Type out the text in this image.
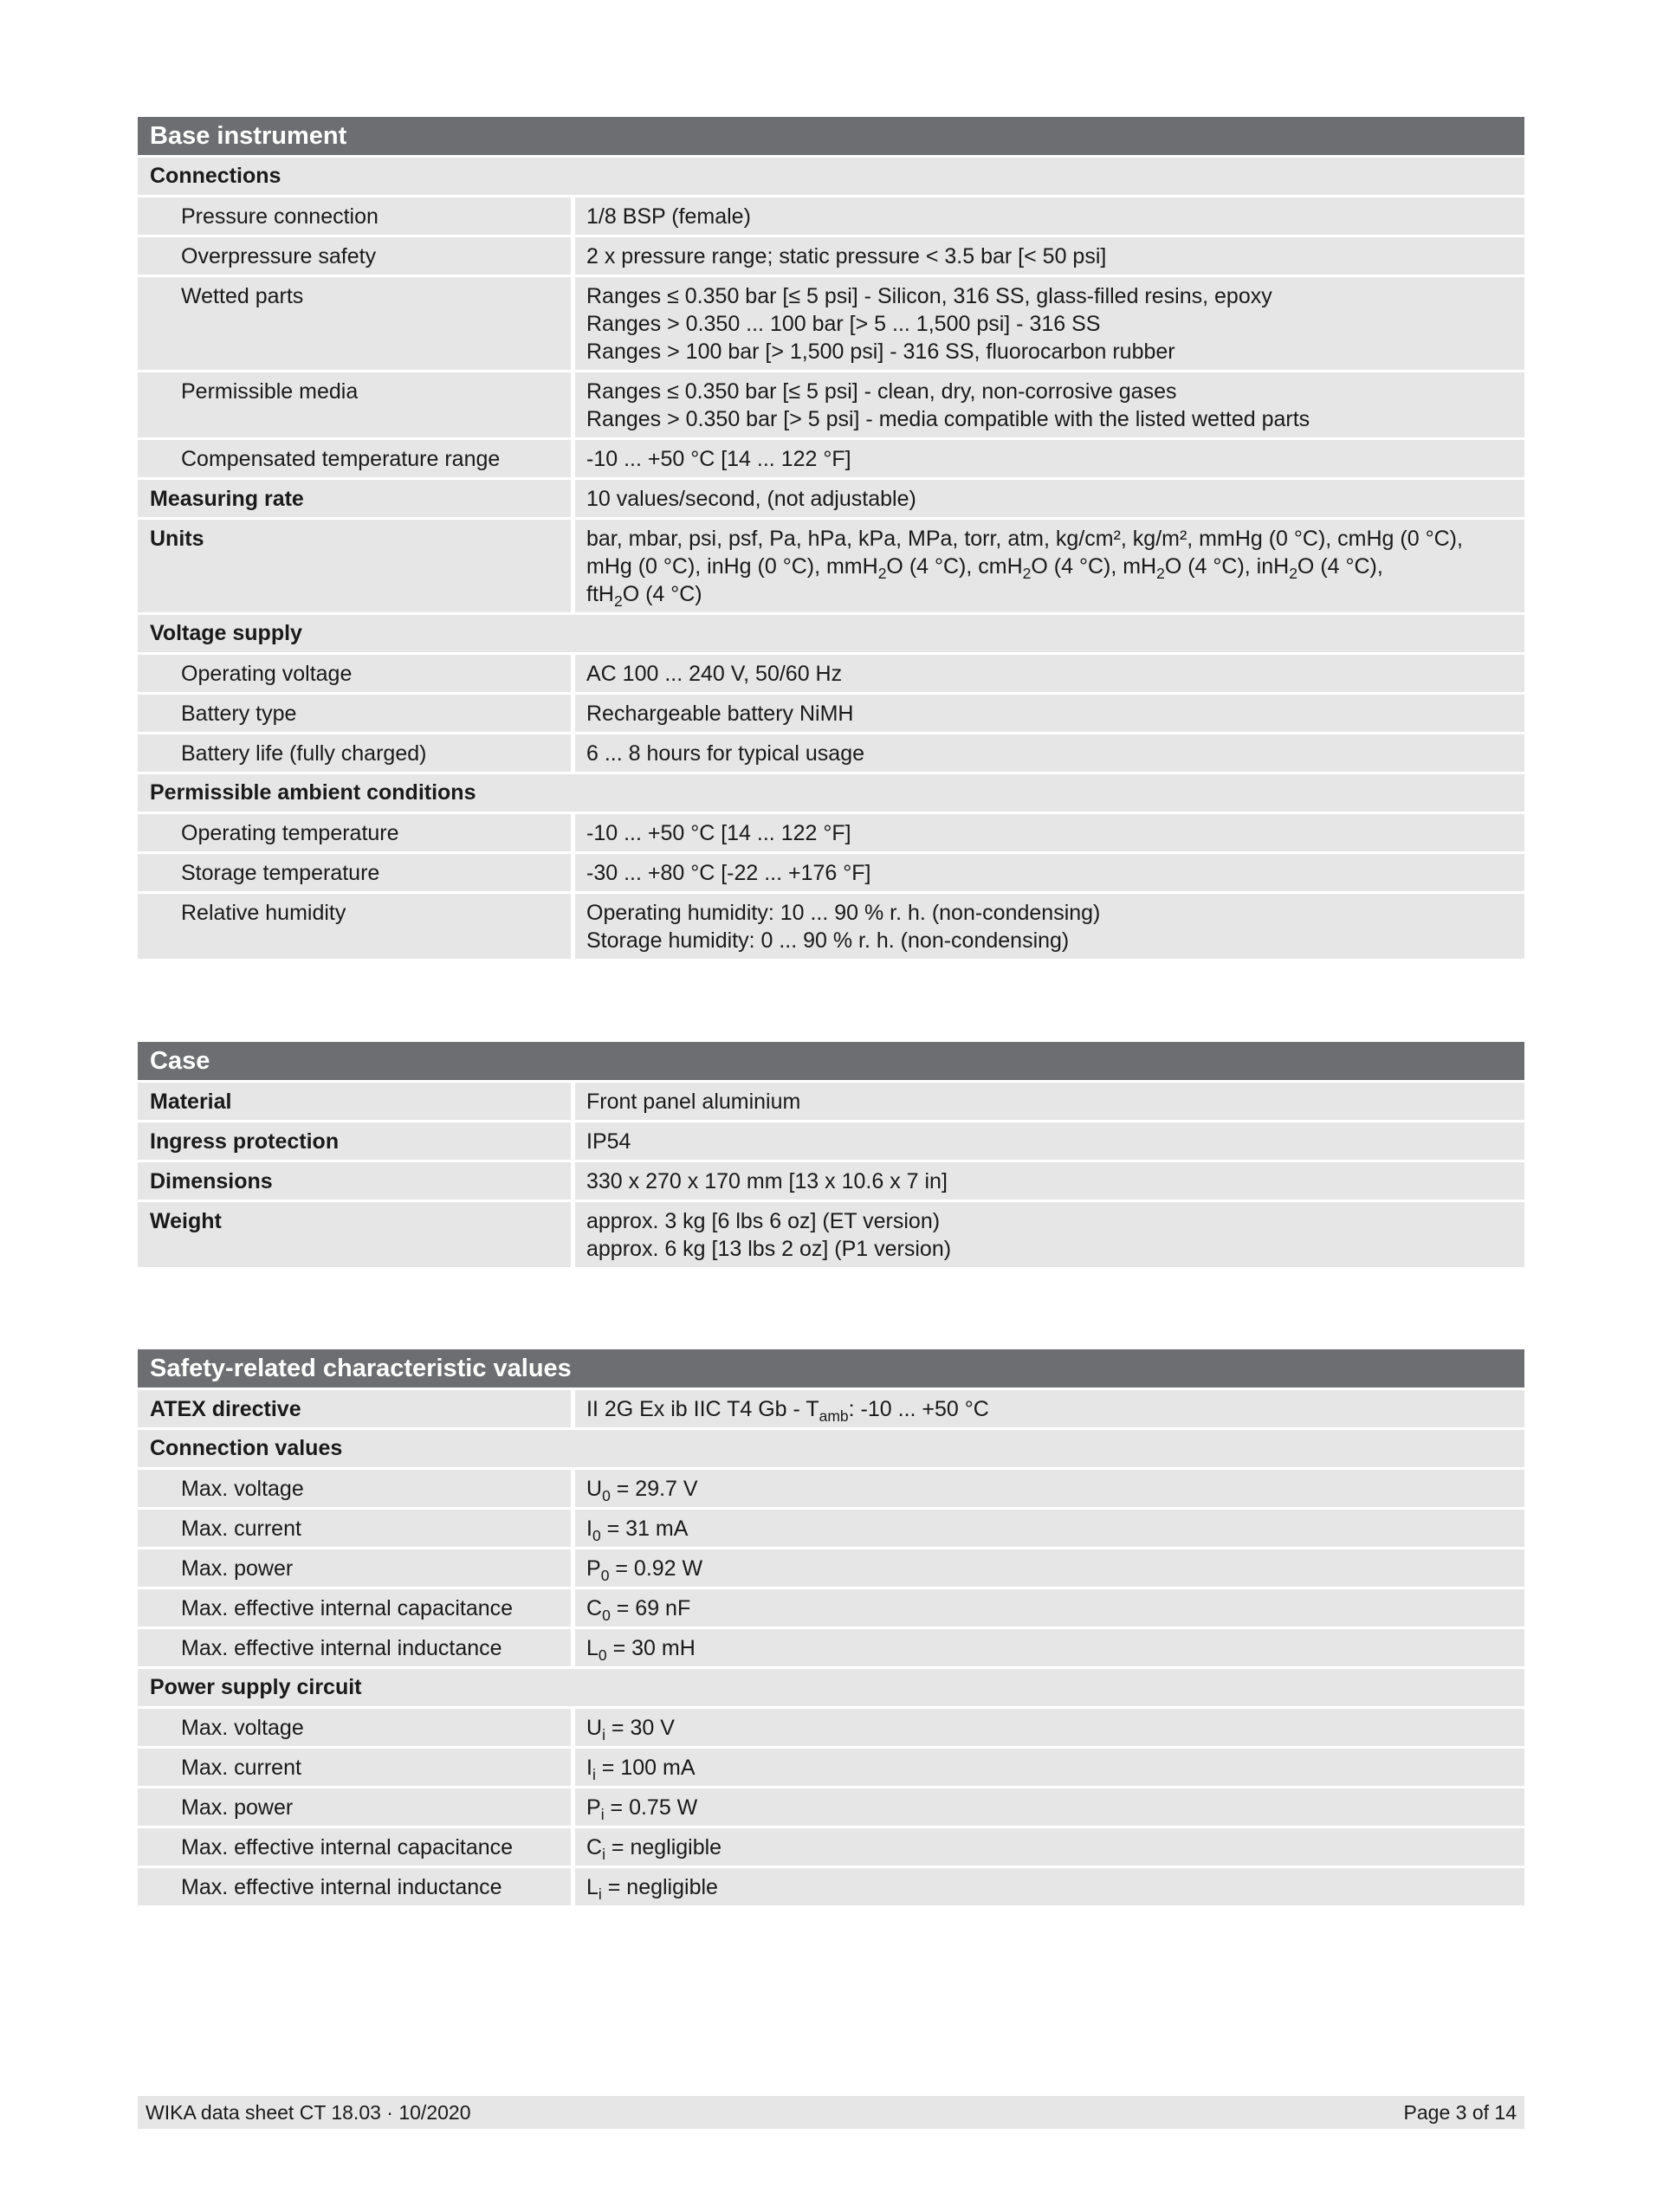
Base instrument
Connections
Pressure connection	1/8 BSP (female)
Overpressure safety	2 x pressure range; static pressure < 3.5 bar [< 50 psi]
Wetted parts	Ranges ≤ 0.350 bar [≤ 5 psi] - Silicon, 316 SS, glass-filled resins, epoxy
Ranges > 0.350 ... 100 bar [> 5 ... 1,500 psi] - 316 SS
Ranges > 100 bar [> 1,500 psi] - 316 SS, fluorocarbon rubber
Permissible media	Ranges ≤ 0.350 bar [≤ 5 psi] - clean, dry, non-corrosive gases
Ranges > 0.350 bar [> 5 psi] - media compatible with the listed wetted parts
Compensated temperature range	-10 ... +50 °C [14 ... 122 °F]
Measuring rate	10 values/second, (not adjustable)
Units	bar, mbar, psi, psf, Pa, hPa, kPa, MPa, torr, atm, kg/cm², kg/m², mmHg (0 °C), cmHg (0 °C),
mHg (0 °C), inHg (0 °C), mmH$_2$O (4 °C), cmH$_2$O (4 °C), $mH_2O$ (4 °C), inH$_2$O (4 °C),
ftH$_2$O (4 °C)
Voltage supply
Operating voltage	AC 100 ... 240 V, 50/60 Hz
Battery type	Rechargeable battery NiMH
Battery life (fully charged)	6 ... 8 hours for typical usage
Permissible ambient conditions
Operating temperature	-10 ... +50 °C [14 ... 122 °F]
Storage temperature	-30 ... +80 °C [-22 ... +176 °F]
Relative humidity	Operating humidity: 10 ... 90 % r. h. (non-condensing)
Storage humidity: 0 ... 90 % r. h. (non-condensing)
Case
Material	Front panel aluminium
Ingress protection	IP54
Dimensions	330 x 270 x 170 mm [13 x 10.6 x 7 in]
Weight	approx. 3 kg [6 lbs 6 oz] (ET version)
approx. 6 kg [13 lbs 2 oz] (P1 version)
Safety-related characteristic values
ATEX directive	II 2G Ex ib IIC T4 Gb - $T_{amb}$: -10 ... +50 °C
Connection values
Max. voltage	$U_0 = 29.7$ V
Max. current	$I_0 = 31$ mA
Max. power	$P_0 = 0.92$ W
Max. effective internal capacitance	$C_0 = 69$ nF
Max. effective internal inductance	$L_0 = 30$ mH
Power supply circuit
Max. voltage	$U_i = 30$ V
Max. current	$I_i = 100$ mA
Max. power	$P_i = 0.75$ W
Max. effective internal capacitance	$C_i$ = negligible
Max. effective internal inductance	$L_i$ = negligible
WIKA data sheet CT 18.03 · 10/2020	Page 3 of 14
